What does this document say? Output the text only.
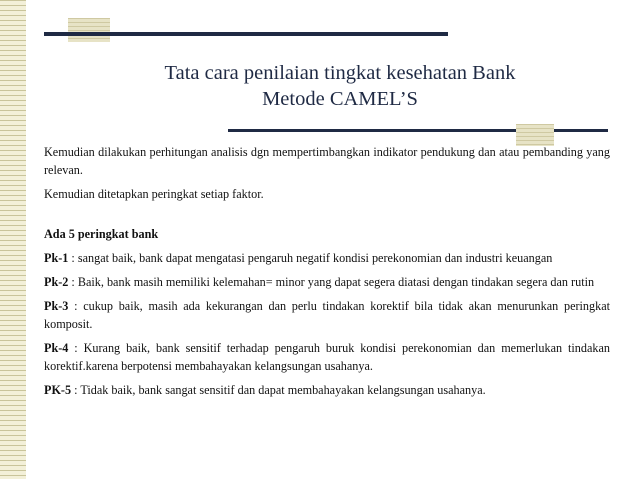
Tata cara penilaian tingkat kesehatan Bank
Metode CAMEL’S

Kemudian dilakukan perhitungan analisis dgn mempertimbangkan indikator pendukung dan atau pembanding yang relevan.

Kemudian ditetapkan peringkat setiap faktor.

Ada 5 peringkat bank

Pk-1 : sangat baik, bank dapat mengatasi pengaruh negatif kondisi perekonomian dan industri keuangan

Pk-2 : Baik, bank masih memiliki kelemahan= minor yang dapat segera diatasi dengan tindakan segera dan rutin

Pk-3 : cukup baik, masih ada kekurangan dan perlu tindakan korektif bila tidak akan menurunkan peringkat komposit.

Pk-4 : Kurang baik, bank sensitif terhadap pengaruh buruk kondisi perekonomian dan memerlukan tindakan korektif.karena berpotensi membahayakan kelangsungan usahanya.

PK-5 : Tidak baik, bank sangat sensitif dan dapat membahayakan kelangsungan usahanya.
